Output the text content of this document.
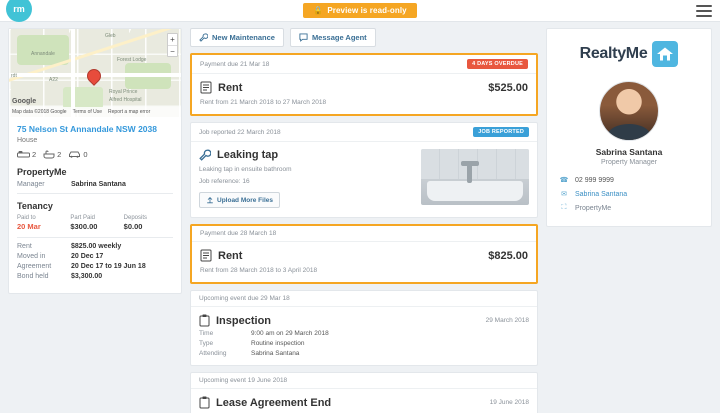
rm	🔒 Preview is read-only
Gleb
Annandale
Forest Lodge
Royal Prince
Alfred Hospital
rdt
A22
+
−
Google
Map data ©2018 Google Terms of Use Report a map error
75 Nelson St Annandale NSW 2038
House
2	2	0
PropertyMe
Manager	Sabrina Santana
Tenancy
Paid to
20 Mar
Part Paid
$300.00
Deposits
$0.00
Rent	$825.00 weekly
Moved in	20 Dec 17
Agreement	20 Dec 17 to 19 Jun 18
Bond held	$3,300.00
New Maintenance	Message Agent
Payment due 21 Mar 18	4 DAYS OVERDUE
Rent	$525.00
Rent from 21 March 2018 to 27 March 2018
Job reported 22 March 2018	JOB REPORTED
Leaking tap
Leaking tap in ensuite bathroom
Job reference: 16
Upload More Files
Payment due 28 March 18
Rent	$825.00
Rent from 28 March 2018 to 3 April 2018
Upcoming event due 29 Mar 18
Inspection	29 March 2018
Time	9:00 am on 29 March 2018
Type	Routine inspection
Attending	Sabrina Santana
Upcoming event 19 June 2018
Lease Agreement End	19 June 2018
RealtyMe
Sabrina Santana
Property Manager
☎ 02 999 9999
✉ Sabrina Santana
⛶	PropertyMe
